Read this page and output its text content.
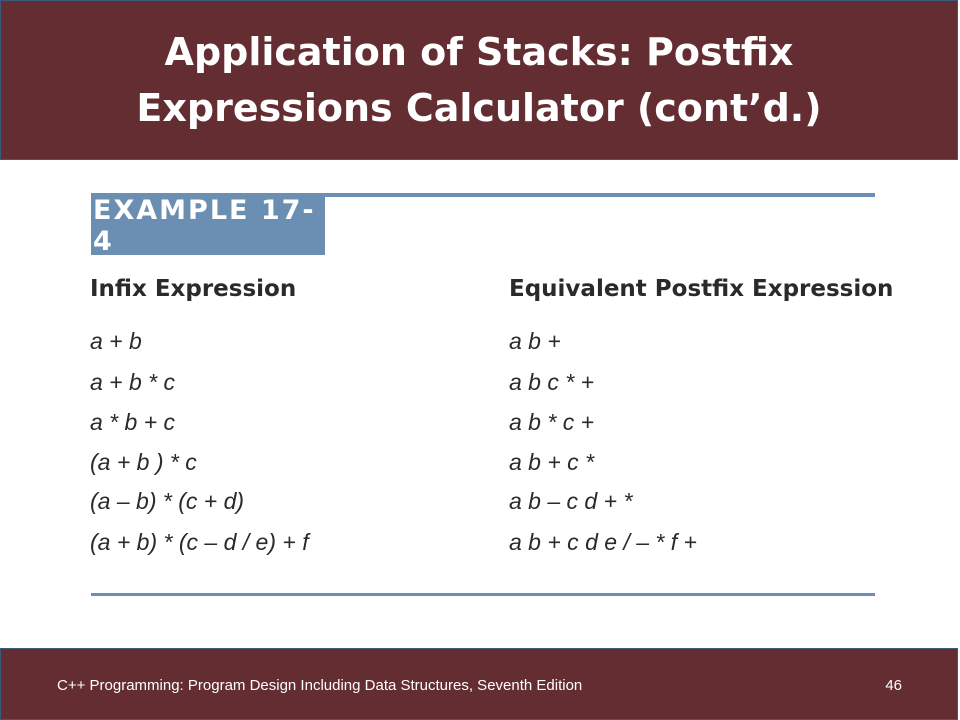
Application of Stacks: Postfix
Expressions Calculator (cont’d.)
EXAMPLE 17-4
Infix Expression	Equivalent Postfix Expression
a + b	a b +
a + b * c	a b c * +
a * b + c	a b * c +
(a + b ) * c	a b + c *
(a – b) * (c + d)	a b – c d + *
(a + b) * (c – d / e) + f	a b + c d e / – * f +
C++ Programming: Program Design Including Data Structures, Seventh Edition	46
